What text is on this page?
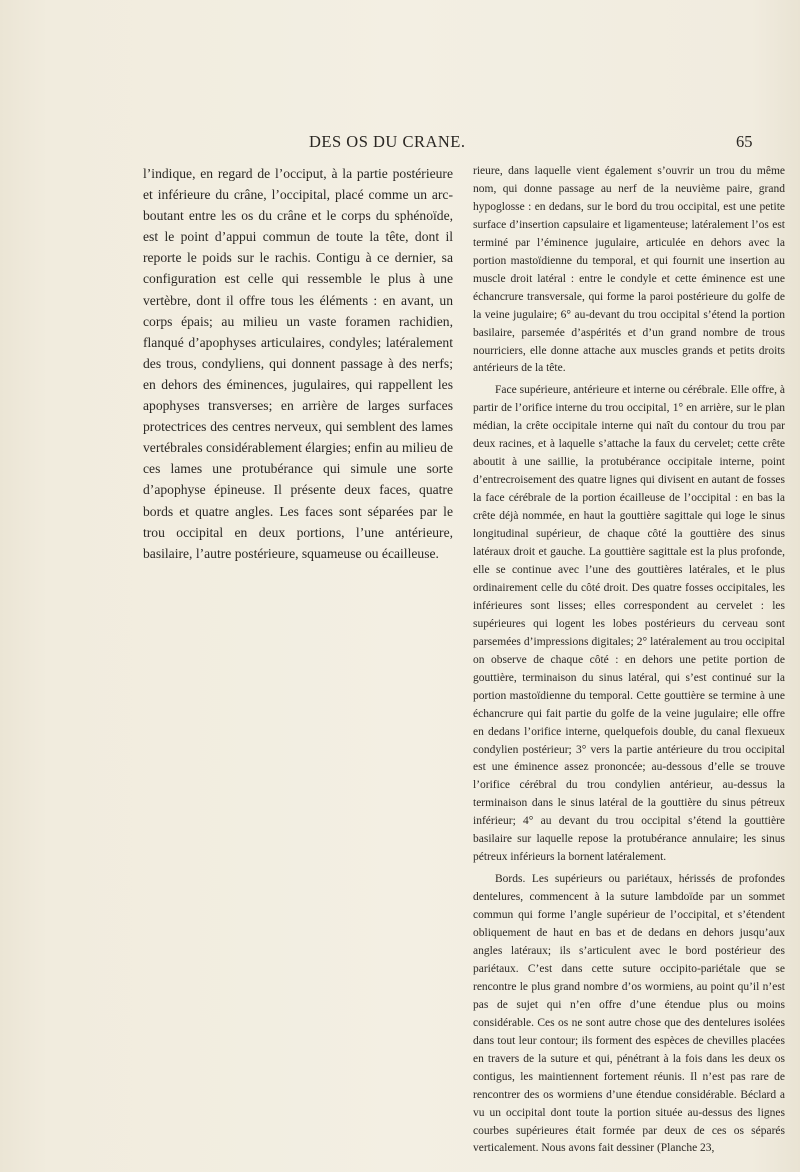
DES OS DU CRANE.	65

l’indique, en regard de l’occiput, à la partie postérieure et inférieure du crâne, l’occipital, placé comme un arc-boutant entre les os du crâne et le corps du sphénoïde, est le point d’appui commun de toute la tête, dont il reporte le poids sur le rachis. Contigu à ce dernier, sa configuration est celle qui ressemble le plus à une vertèbre, dont il offre tous les éléments : en avant, un corps épais; au milieu un vaste foramen rachidien, flanqué d’apophyses articulaires, condyles; latéralement des trous, condyliens, qui donnent passage à des nerfs; en dehors des éminences, jugulaires, qui rappellent les apophyses transverses; en arrière de larges surfaces protectrices des centres nerveux, qui semblent des lames vertébrales considérablement élargies; enfin au milieu de ces lames une protubérance qui simule une sorte d’apophyse épineuse. Il présente deux faces, quatre bords et quatre angles. Les faces sont séparées par le trou occipital en deux portions, l’une antérieure, basilaire, l’autre postérieure, squameuse ou écailleuse.

rieure, dans laquelle vient également s’ouvrir un trou du même nom, qui donne passage au nerf de la neuvième paire, grand hypoglosse : en dedans, sur le bord du trou occipital, est une petite surface d’insertion capsulaire et ligamenteuse; latéralement l’os est terminé par l’éminence jugulaire, articulée en dehors avec la portion mastoïdienne du temporal, et qui fournit une insertion au muscle droit latéral : entre le condyle et cette éminence est une échancrure transversale, qui forme la paroi postérieure du golfe de la veine jugulaire; 6° au-devant du trou occipital s’étend la portion basilaire, parsemée d’aspérités et d’un grand nombre de trous nourriciers, elle donne attache aux muscles grands et petits droits antérieurs de la tête.

Face supérieure, antérieure et interne ou cérébrale. Elle offre, à partir de l’orifice interne du trou occipital, 1° en arrière, sur le plan médian, la crête occipitale interne qui naît du contour du trou par deux racines, et à laquelle s’attache la faux du cervelet; cette crête aboutit à une saillie, la protubérance occipitale interne, point d’entrecroisement des quatre lignes qui divisent en autant de fosses la face cérébrale de la portion écailleuse de l’occipital : en bas la crête déjà nommée, en haut la gouttière sagittale qui loge le sinus longitudinal supérieur, de chaque côté la gouttière des sinus latéraux droit et gauche. La gouttière sagittale est la plus profonde, elle se continue avec l’une des gouttières latérales, et le plus ordinairement celle du côté droit. Des quatre fosses occipitales, les inférieures sont lisses; elles correspondent au cervelet : les supérieures qui logent les lobes postérieurs du cerveau sont parsemées d’impressions digitales; 2° latéralement au trou occipital on observe de chaque côté : en dehors une petite portion de gouttière, terminaison du sinus latéral, qui s’est continué sur la portion mastoïdienne du temporal. Cette gouttière se termine à une échancrure qui fait partie du golfe de la veine jugulaire; elle offre en dedans l’orifice interne, quelquefois double, du canal flexueux condylien postérieur; 3° vers la partie antérieure du trou occipital est une éminence assez prononcée; au-dessous d’elle se trouve l’orifice cérébral du trou condylien antérieur, au-dessus la terminaison dans le sinus latéral de la gouttière du sinus pétreux inférieur; 4° au devant du trou occipital s’étend la gouttière basilaire sur laquelle repose la protubérance annulaire; les sinus pétreux inférieurs la bornent latéralement.

Bords. Les supérieurs ou pariétaux, hérissés de profondes dentelures, commencent à la suture lambdoïde par un sommet commun qui forme l’angle supérieur de l’occipital, et s’étendent obliquement de haut en bas et de dedans en dehors jusqu’aux angles latéraux; ils s’articulent avec le bord postérieur des pariétaux. C’est dans cette suture occipito-pariétale que se rencontre le plus grand nombre d’os wormiens, au point qu’il n’est pas de sujet qui n’en offre d’une étendue plus ou moins considérable. Ces os ne sont autre chose que des dentelures isolées dans tout leur contour; ils forment des espèces de chevilles placées en travers de la suture et qui, pénétrant à la fois dans les deux os contigus, les maintiennent fortement réunis. Il n’est pas rare de rencontrer des os wormiens d’une étendue considérable. Béclard a vu un occipital dont toute la portion située au-dessus des lignes courbes supérieures était formée par deux de ces os séparés verticalement. Nous avons fait dessiner (Planche 23,
